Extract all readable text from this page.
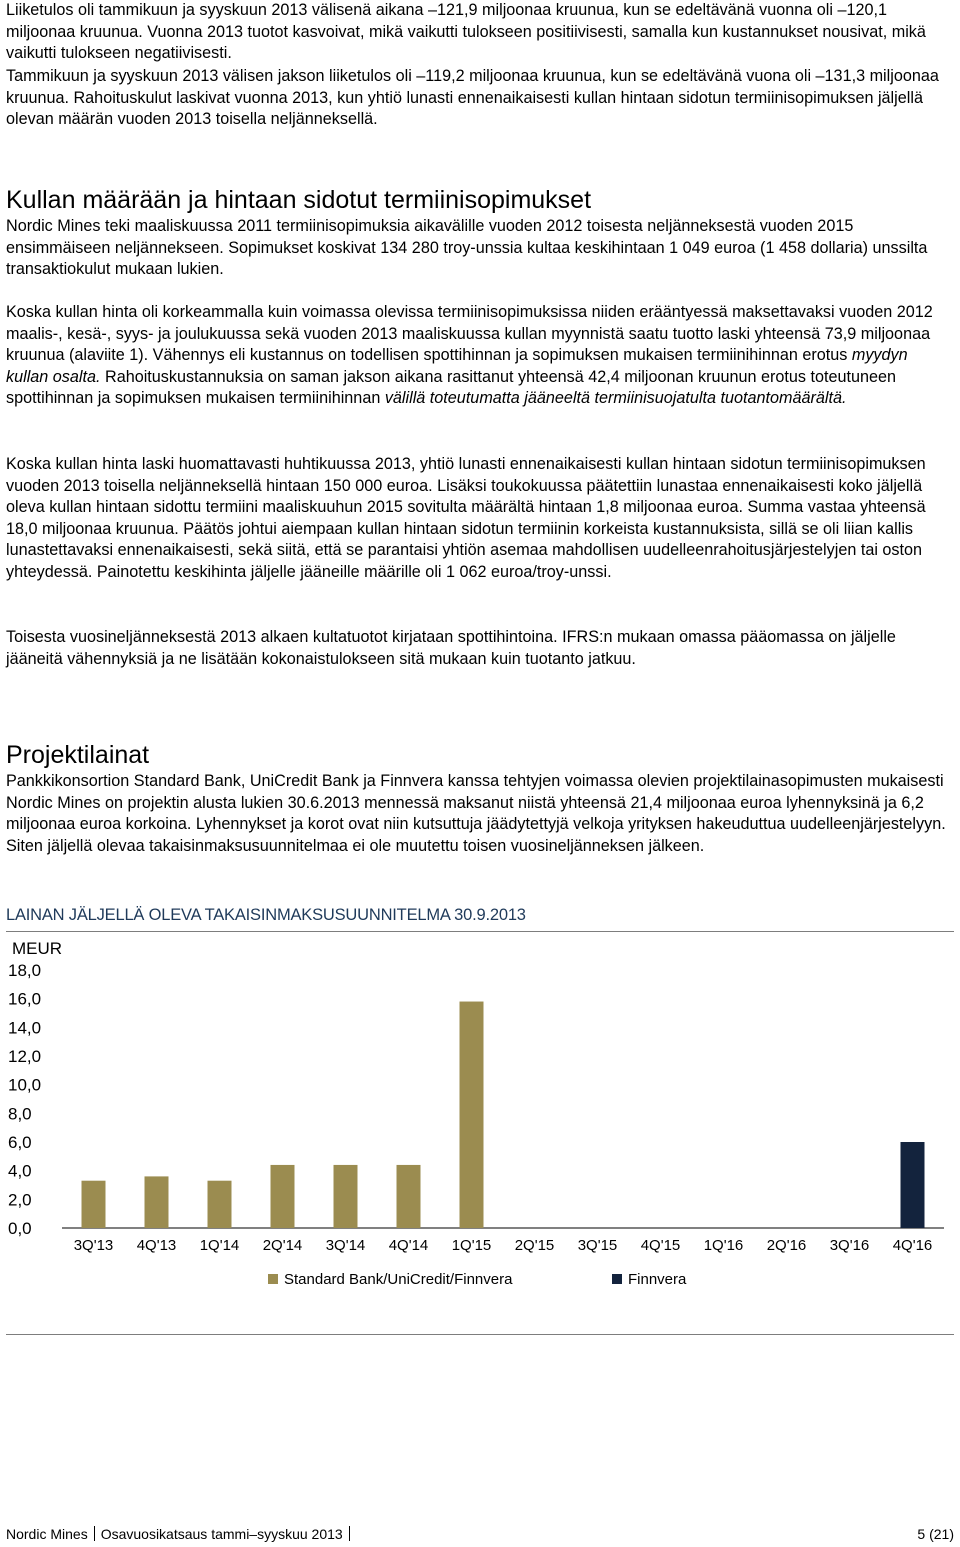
Liiketulos oli tammikuun ja syyskuun 2013 välisenä aikana –121,9 miljoonaa kruunua, kun se edeltävänä vuonna oli –120,1 miljoonaa kruunua. Vuonna 2013 tuotot kasvoivat, mikä vaikutti tulokseen positiivisesti, samalla kun kustannukset nousivat, mikä vaikutti tulokseen negatiivisesti.

Tammikuun ja syyskuun 2013 välisen jakson liiketulos oli –119,2 miljoonaa kruunua, kun se edeltävänä vuona oli –131,3 miljoonaa kruunua. Rahoituskulut laskivat vuonna 2013, kun yhtiö lunasti ennenaikaisesti kullan hintaan sidotun termiinisopimuksen jäljellä olevan määrän vuoden 2013 toisella neljänneksellä.

Kullan määrään ja hintaan sidotut termiinisopimukset

Nordic Mines teki maaliskuussa 2011 termiinisopimuksia aikavälille vuoden 2012 toisesta neljänneksestä vuoden 2015 ensimmäiseen neljännekseen. Sopimukset koskivat 134 280 troy-unssia kultaa keskihintaan 1 049 euroa (1 458 dollaria) unssilta transaktiokulut mukaan lukien.

Koska kullan hinta oli korkeammalla kuin voimassa olevissa termiinisopimuksissa niiden erääntyessä maksettavaksi vuoden 2012 maalis-, kesä-, syys- ja joulukuussa sekä vuoden 2013 maaliskuussa kullan myynnistä saatu tuotto laski yhteensä 73,9 miljoonaa kruunua (alaviite 1). Vähennys eli kustannus on todellisen spottihinnan ja sopimuksen mukaisen termiinihinnan erotus myydyn kullan osalta. Rahoituskustannuksia on saman jakson aikana rasittanut yhteensä 42,4 miljoonan kruunun erotus toteutuneen spottihinnan ja sopimuksen mukaisen termiinihinnan välillä toteutumatta jääneeltä termiinisuojatulta tuotantomäärältä.

Koska kullan hinta laski huomattavasti huhtikuussa 2013, yhtiö lunasti ennenaikaisesti kullan hintaan sidotun termiinisopimuksen vuoden 2013 toisella neljänneksellä hintaan 150 000 euroa. Lisäksi toukokuussa päätettiin lunastaa ennenaikaisesti koko jäljellä oleva kullan hintaan sidottu termiini maaliskuuhun 2015 sovitulta määrältä hintaan 1,8 miljoonaa euroa. Summa vastaa yhteensä 18,0 miljoonaa kruunua. Päätös johtui aiempaan kullan hintaan sidotun termiinin korkeista kustannuksista, sillä se oli liian kallis lunastettavaksi ennenaikaisesti, sekä siitä, että se parantaisi yhtiön asemaa mahdollisen uudelleenrahoitusjärjestelyjen tai oston yhteydessä. Painotettu keskihinta jäljelle jääneille määrille oli 1 062 euroa/troy-unssi.

Toisesta vuosineljänneksestä 2013 alkaen kultatuotot kirjataan spottihintoina. IFRS:n mukaan omassa pääomassa on jäljelle jääneitä vähennyksiä ja ne lisätään kokonaistulokseen sitä mukaan kuin tuotanto jatkuu.

Projektilainat

Pankkikonsortion Standard Bank, UniCredit Bank ja Finnvera kanssa tehtyjen voimassa olevien projektilainasopimusten mukaisesti Nordic Mines on projektin alusta lukien 30.6.2013 mennessä maksanut niistä yhteensä 21,4 miljoonaa euroa lyhennyksinä ja 6,2 miljoonaa euroa korkoina. Lyhennykset ja korot ovat niin kutsuttuja jäädytettyjä velkoja yrityksen hakeuduttua uudelleenjärjestelyyn. Siten jäljellä olevaa takaisinmaksusuunnitelmaa ei ole muutettu toisen vuosineljänneksen jälkeen.

LAINAN JÄLJELLÄ OLEVA TAKAISINMAKSUSUUNNITELMA 30.9.2013
MEUR
0,0
2,0
4,0
6,0
8,0
10,0
12,0
14,0
16,0
18,0
3Q'13 4Q'13 1Q'14 2Q'14 3Q'14 4Q'14 1Q'15 2Q'15 3Q'15 4Q'15 1Q'16 2Q'16 3Q'16 4Q'16
Standard Bank/UniCredit/Finnvera	Finnvera
Nordic Mines Osavuosikatsaus tammi–syyskuu 2013	5 (21)
